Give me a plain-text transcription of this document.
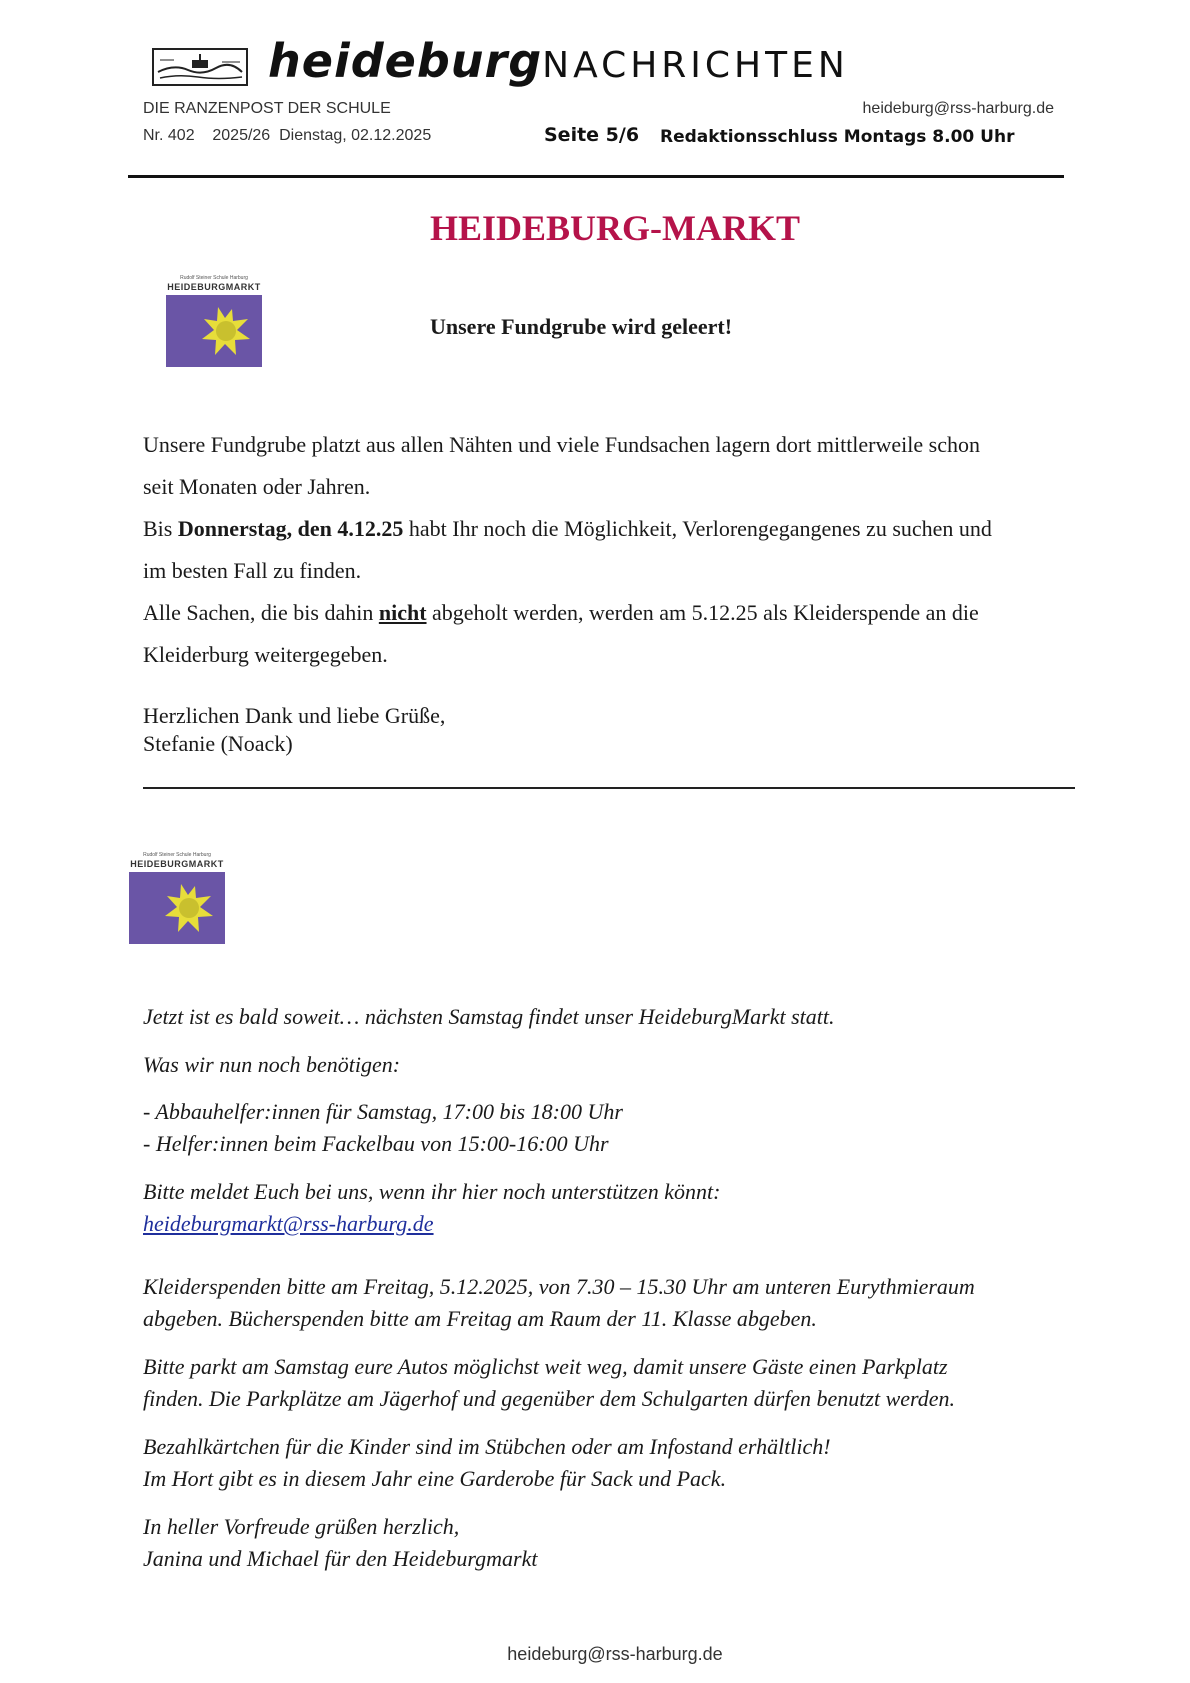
heideburgNACHRICHTEN
DIE RANZENPOST DER SCHULE	heideburg@rss-harburg.de
Nr. 402    2025/26  Dienstag, 02.12.2025	Seite 5/6 Redaktionsschluss Montags 8.00 Uhr
HEIDEBURG-MARKT
Rudolf Steiner Schule Harburg
HEIDEBURGMARKT
Unsere Fundgrube wird geleert!

Unsere Fundgrube platzt aus allen Nähten und viele Fundsachen lagern dort mittlerweile schon

seit Monaten oder Jahren.

Bis Donnerstag, den 4.12.25 habt Ihr noch die Möglichkeit, Verlorengegangenes zu suchen und

im besten Fall zu finden.

Alle Sachen, die bis dahin nicht abgeholt werden, werden am 5.12.25 als Kleiderspende an die

Kleiderburg weitergegeben.

Herzlichen Dank und liebe Grüße,

Stefanie (Noack)

Rudolf Steiner Schule Harburg
HEIDEBURGMARKT
Jetzt ist es bald soweit… nächsten Samstag findet unser HeideburgMarkt statt.
Was wir nun noch benötigen:

- Abbauhelfer:innen für Samstag, 17:00 bis 18:00 Uhr

- Helfer:innen beim Fackelbau von 15:00-16:00 Uhr

Bitte meldet Euch bei uns, wenn ihr hier noch unterstützen könnt:

heideburgmarkt@rss-harburg.de

Kleiderspenden bitte am Freitag, 5.12.2025, von 7.30 – 15.30 Uhr am unteren Eurythmieraum

abgeben. Bücherspenden bitte am Freitag am Raum der 11. Klasse abgeben.

Bitte parkt am Samstag eure Autos möglichst weit weg, damit unsere Gäste einen Parkplatz

finden. Die Parkplätze am Jägerhof und gegenüber dem Schulgarten dürfen benutzt werden.

Bezahlkärtchen für die Kinder sind im Stübchen oder am Infostand erhältlich!

Im Hort gibt es in diesem Jahr eine Garderobe für Sack und Pack.

In heller Vorfreude grüßen herzlich,

Janina und Michael für den Heideburgmarkt

heideburg@rss-harburg.de
